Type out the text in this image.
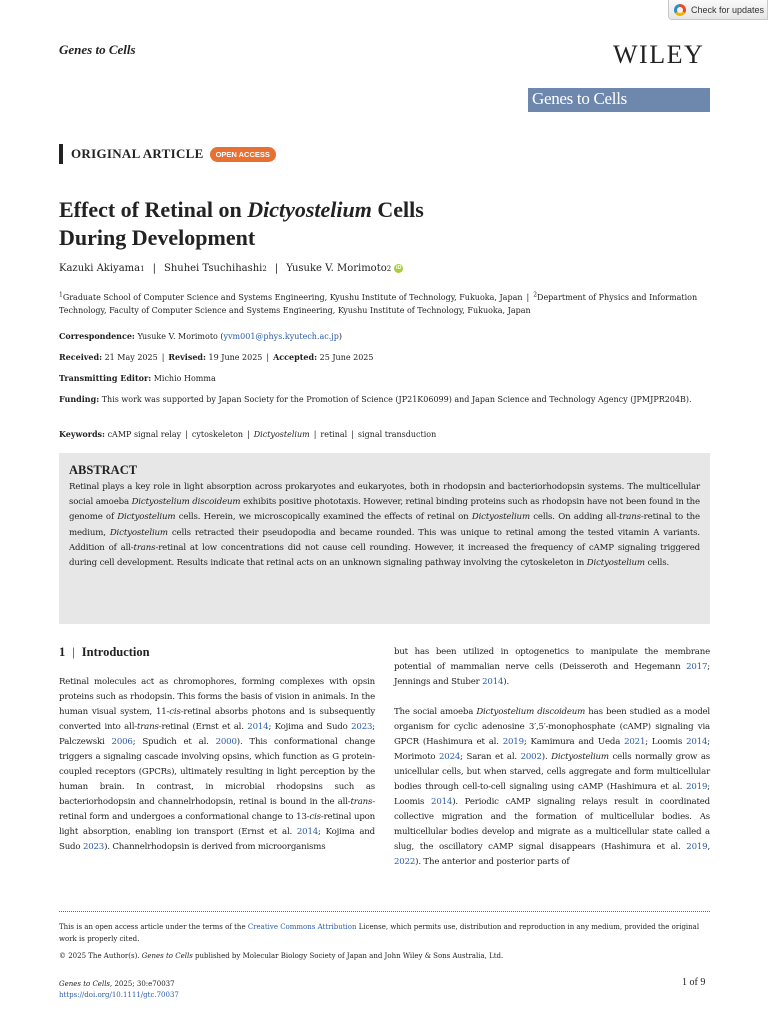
Check for updates
Genes to Cells	WILEY
Genes to Cells
ORIGINAL ARTICLE	OPEN ACCESS
Effect of Retinal on Dictyostelium Cells
During Development
Kazuki Akiyama 1 | Shuhei Tsuchihashi 2 | Yusuke V. Morimoto 2 iD
$^1$Graduate School of Computer Science and Systems Engineering, Kyushu Institute of Technology, Fukuoka, Japan | $^2$Department of Physics and Information Technology, Faculty of Computer Science and Systems Engineering, Kyushu Institute of Technology, Fukuoka, Japan
Correspondence: Yusuke V. Morimoto (yvm001@phys.kyutech.ac.jp)
Received: 21 May 2025 | Revised: 19 June 2025 | Accepted: 25 June 2025
Transmitting Editor: Michio Homma
Funding: This work was supported by Japan Society for the Promotion of Science (JP21K06099) and Japan Science and Technology Agency (JPMJPR204B).
Keywords: cAMP signal relay | cytoskeleton | Dictyostelium | retinal | signal transduction
ABSTRACT

Retinal plays a key role in light absorption across prokaryotes and eukaryotes, both in rhodopsin and bacteriorhodopsin systems. The multicellular social amoeba Dictyostelium discoideum exhibits positive phototaxis. However, retinal binding proteins such as rhodopsin have not been found in the genome of Dictyostelium cells. Herein, we microscopically examined the effects of retinal on Dictyostelium cells. On adding all-trans-retinal to the medium, Dictyostelium cells retracted their pseudopodia and became rounded. This was unique to retinal among the tested vitamin A variants. Addition of all-trans-retinal at low concentrations did not cause cell rounding. However, it increased the frequency of cAMP signaling triggered during cell development. Results indicate that retinal acts on an unknown signaling pathway involving the cytoskeleton in Dictyostelium cells.

1 | Introduction

Retinal molecules act as chromophores, forming complexes with opsin proteins such as rhodopsin. This forms the basis of vision in animals. In the human visual system, 11-cis-retinal absorbs photons and is subsequently converted into all-trans-retinal (Ernst et al. 2014; Kojima and Sudo 2023; Palczewski 2006; Spudich et al. 2000). This conformational change triggers a signaling cascade involving opsins, which function as G protein-coupled receptors (GPCRs), ultimately resulting in light perception by the human brain. In contrast, in microbial rhodopsins such as bacteriorhodopsin and channelrhodopsin, retinal is bound in the all-trans-retinal form and undergoes a conformational change to 13-cis-retinal upon light absorption, enabling ion transport (Ernst et al. 2014; Kojima and Sudo 2023). Channelrhodopsin is derived from microorganisms

but has been utilized in optogenetics to manipulate the membrane potential of mammalian nerve cells (Deisseroth and Hegemann 2017; Jennings and Stuber 2014).

The social amoeba Dictyostelium discoideum has been studied as a model organism for cyclic adenosine 3′,5′-monophosphate (cAMP) signaling via GPCR (Hashimura et al. 2019; Kamimura and Ueda 2021; Loomis 2014; Morimoto 2024; Saran et al. 2002). Dictyostelium cells normally grow as unicellular cells, but when starved, cells aggregate and form multicellular bodies through cell-to-cell signaling using cAMP (Hashimura et al. 2019; Loomis 2014). Periodic cAMP signaling relays result in coordinated collective migration and the formation of multicellular bodies. As multicellular bodies develop and migrate as a multicellular state called a slug, the oscillatory cAMP signal disappears (Hashimura et al. 2019, 2022). The anterior and posterior parts of

This is an open access article under the terms of the Creative Commons Attribution License, which permits use, distribution and reproduction in any medium, provided the original work is properly cited.
© 2025 The Author(s). Genes to Cells published by Molecular Biology Society of Japan and John Wiley & Sons Australia, Ltd.
Genes to Cells, 2025; 30:e70037
https://doi.org/10.1111/gtc.70037
1 of 9
